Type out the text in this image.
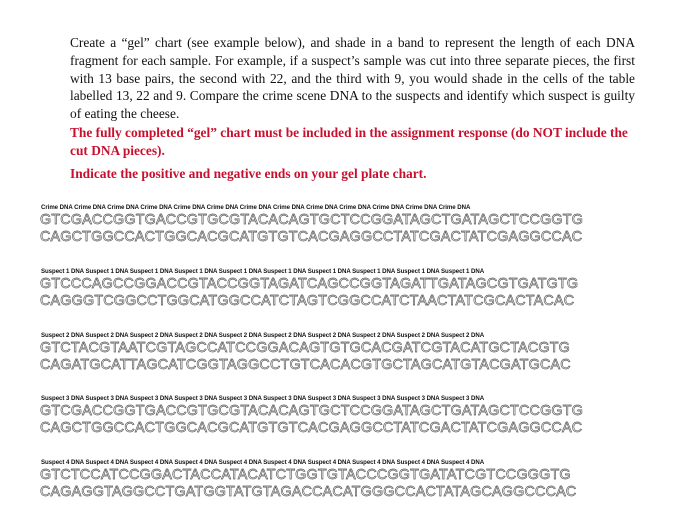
Create a “gel” chart (see example below), and shade in a band to represent the length of each DNA fragment for each sample. For example, if a suspect’s sample was cut into three separate pieces, the first with 13 base pairs, the second with 22, and the third with 9, you would shade in the cells of the table labelled 13, 22 and 9. Compare the crime scene DNA to the suspects and identify which suspect is guilty of eating the cheese.

The fully completed “gel” chart must be included in the assignment response (do NOT include the cut DNA pieces).

Indicate the positive and negative ends on your gel plate chart.

Crime DNA Crime DNA Crime DNA Crime DNA Crime DNA Crime DNA Crime DNA Crime DNA Crime DNA Crime DNA Crime DNA Crime DNA Crime DNA
GTCGACCGGTGACCGTGCGTACACAGTGCTCCGGATAGCTGATAGCTCCGGTG
CAGCTGGCCACTGGCACGCATGTGTCACGAGGCCTATCGACTATCGAGGCCAC
Suspect 1 DNA Suspect 1 DNA Suspect 1 DNA Suspect 1 DNA Suspect 1 DNA Suspect 1 DNA Suspect 1 DNA Suspect 1 DNA Suspect 1 DNA Suspect 1 DNA
GTCCCAGCCGGACCGTACCGGTAGATCAGCCGGTAGATTGATAGCGTGATGTG
CAGGGTCGGCCTGGCATGGCCATCTAGTCGGCCATCTAACTATCGCACTACAC
Suspect 2 DNA Suspect 2 DNA Suspect 2 DNA Suspect 2 DNA Suspect 2 DNA Suspect 2 DNA Suspect 2 DNA Suspect 2 DNA Suspect 2 DNA Suspect 2 DNA
GTCTACGTAATCGTAGCCATCCGGACAGTGTGCACGATCGTACATGCTACGTG
CAGATGCATTAGCATCGGTAGGCCTGTCACACGTGCTAGCATGTACGATGCAC
Suspect 3 DNA Suspect 3 DNA Suspect 3 DNA Suspect 3 DNA Suspect 3 DNA Suspect 3 DNA Suspect 3 DNA Suspect 3 DNA Suspect 3 DNA Suspect 3 DNA
GTCGACCGGTGACCGTGCGTACACAGTGCTCCGGATAGCTGATAGCTCCGGTG
CAGCTGGCCACTGGCACGCATGTGTCACGAGGCCTATCGACTATCGAGGCCAC
Suspect 4 DNA Suspect 4 DNA Suspect 4 DNA Suspect 4 DNA Suspect 4 DNA Suspect 4 DNA Suspect 4 DNA Suspect 4 DNA Suspect 4 DNA Suspect 4 DNA
GTCTCCATCCGGACTACCATACATCTGGTGTACCCGGTGATATCGTCCGGGTG
CAGAGGTAGGCCTGATGGTATGTAGACCACATGGGCCACTATAGCAGGCCCAC
